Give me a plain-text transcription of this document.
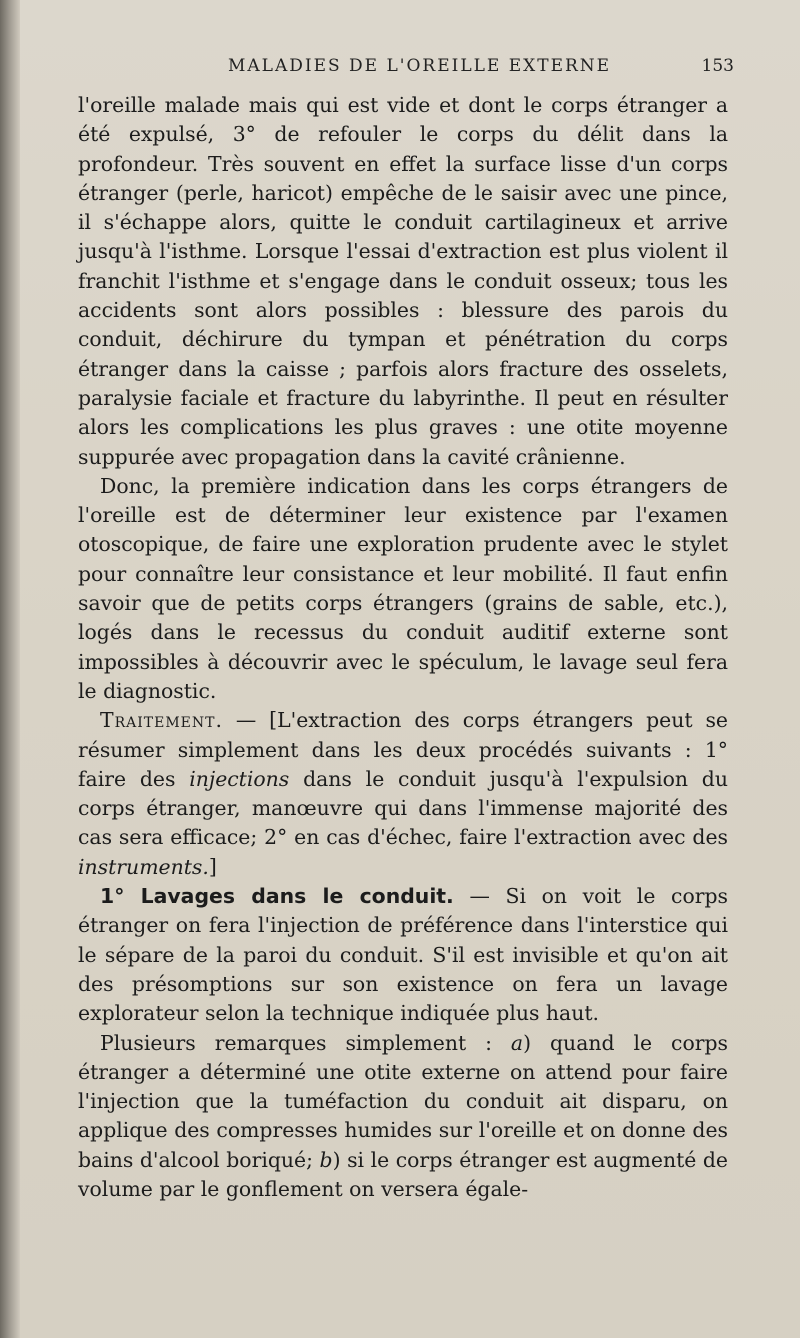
MALADIES DE L'OREILLE EXTERNE	153

l'oreille malade mais qui est vide et dont le corps étranger a été expulsé, 3° de refouler le corps du délit dans la profondeur. Très souvent en effet la surface lisse d'un corps étranger (perle, haricot) empêche de le saisir avec une pince, il s'échappe alors, quitte le conduit cartilagineux et arrive jusqu'à l'isthme. Lorsque l'essai d'extraction est plus violent il franchit l'isthme et s'engage dans le conduit osseux; tous les accidents sont alors possibles : blessure des parois du conduit, déchirure du tympan et pénétration du corps étranger dans la caisse ; parfois alors fracture des osselets, paralysie faciale et fracture du labyrinthe. Il peut en résulter alors les complications les plus graves : une otite moyenne suppurée avec propagation dans la cavité crânienne.

Donc, la première indication dans les corps étrangers de l'oreille est de déterminer leur existence par l'examen otoscopique, de faire une exploration prudente avec le stylet pour connaître leur consistance et leur mobilité. Il faut enfin savoir que de petits corps étrangers (grains de sable, etc.), logés dans le recessus du conduit auditif externe sont impossibles à découvrir avec le spéculum, le lavage seul fera le diagnostic.

Traitement. — [L'extraction des corps étrangers peut se résumer simplement dans les deux procédés suivants : 1° faire des injections dans le conduit jusqu'à l'expulsion du corps étranger, manœuvre qui dans l'immense majorité des cas sera efficace; 2° en cas d'échec, faire l'extraction avec des instruments.]

1° Lavages dans le conduit. — Si on voit le corps étranger on fera l'injection de préférence dans l'interstice qui le sépare de la paroi du conduit. S'il est invisible et qu'on ait des présomptions sur son existence on fera un lavage explorateur selon la technique indiquée plus haut.

Plusieurs remarques simplement : a) quand le corps étranger a déterminé une otite externe on attend pour faire l'injection que la tuméfaction du conduit ait disparu, on applique des compresses humides sur l'oreille et on donne des bains d'alcool boriqué; b) si le corps étranger est augmenté de volume par le gonflement on versera égale-
